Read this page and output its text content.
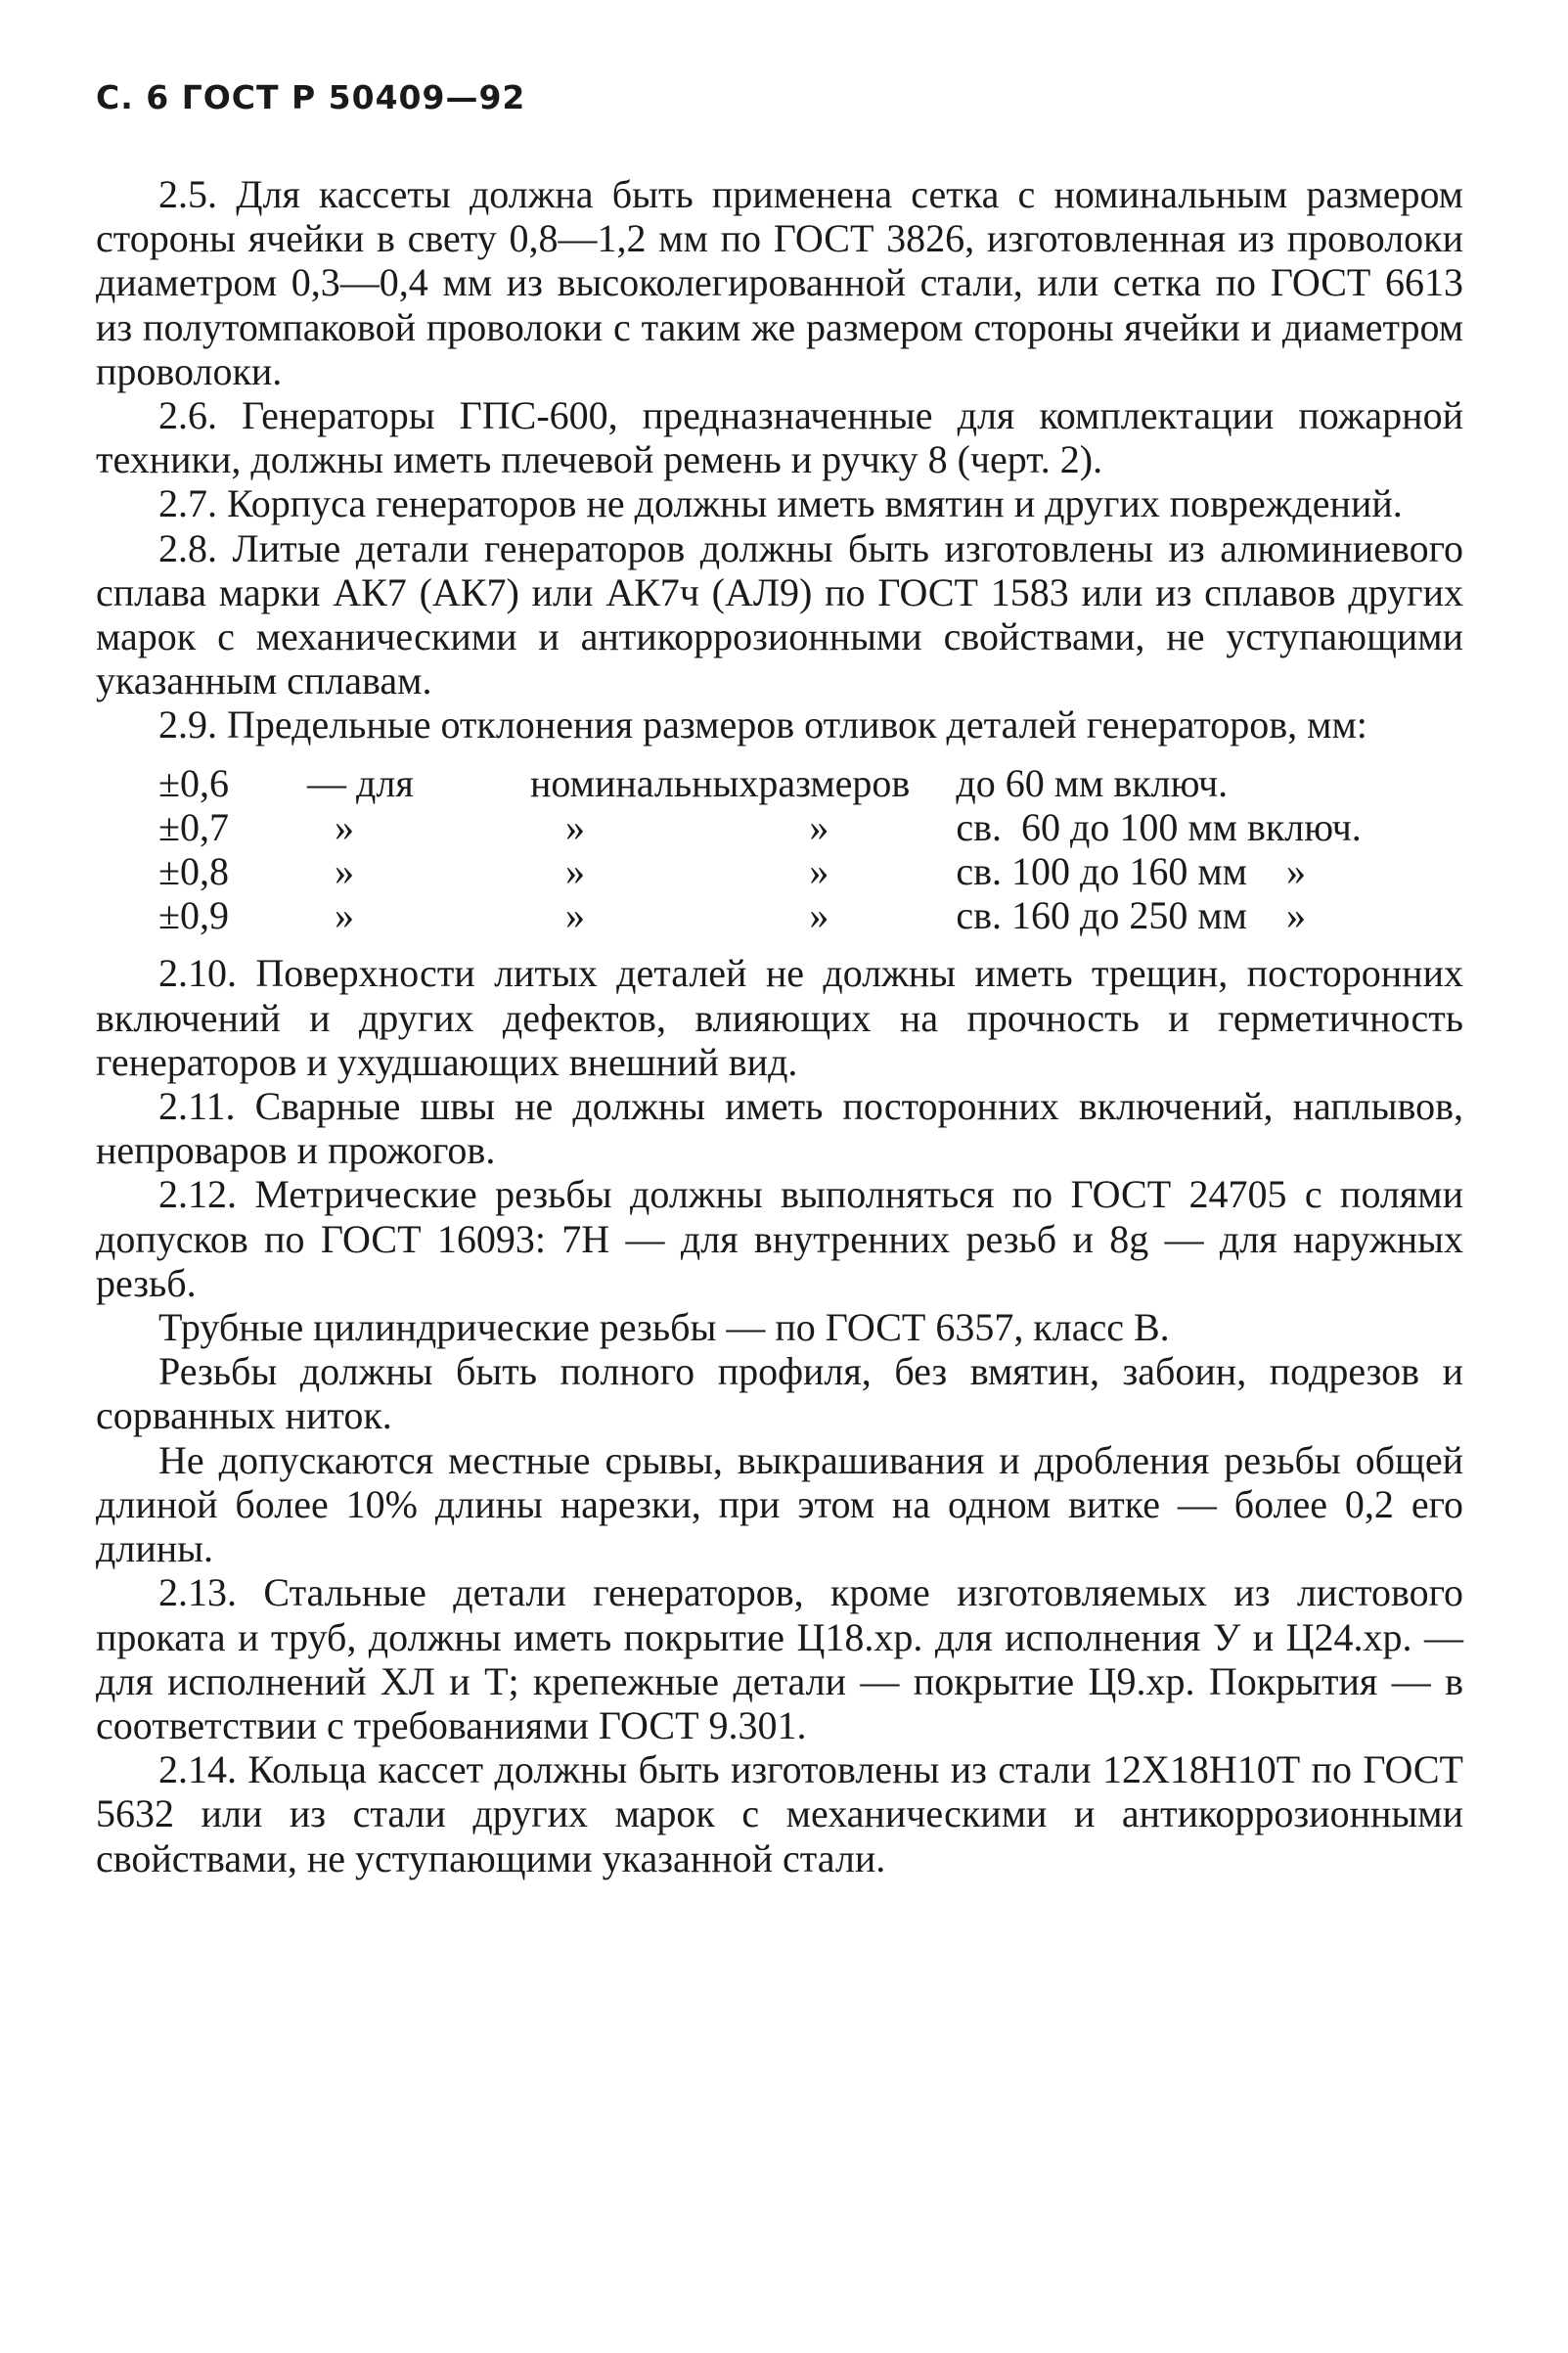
С. 6 ГОСТ Р 50409—92

2.5. Для кассеты должна быть применена сетка с номинальным размером стороны ячейки в свету 0,8—1,2 мм по ГОСТ 3826, изготовленная из проволоки диаметром 0,3—0,4 мм из высоколегированной стали, или сетка по ГОСТ 6613 из полутомпаковой проволоки с таким же размером стороны ячейки и диаметром проволоки.

2.6. Генераторы ГПС-600, предназначенные для комплектации пожарной техники, должны иметь плечевой ремень и ручку 8 (черт. 2).

2.7. Корпуса генераторов не должны иметь вмятин и других повреждений.

2.8. Литые детали генераторов должны быть изготовлены из алюминиевого сплава марки АК7 (АК7) или АК7ч (АЛ9) по ГОСТ 1583 или из сплавов других марок с механическими и антикоррозионными свойствами, не уступающими указанным сплавам.

2.9. Предельные отклонения размеров отливок деталей генераторов, мм:

±0,6	— для	номинальных	размеров	до 60 мм включ.
±0,7	»	»	»	св.  60 до 100 мм включ.
±0,8	»	»	»	св. 100 до 160 мм    »
±0,9	»	»	»	св. 160 до 250 мм    »

2.10. Поверхности литых деталей не должны иметь трещин, посторонних включений и других дефектов, влияющих на прочность и герметичность генераторов и ухудшающих внешний вид.

2.11. Сварные швы не должны иметь посторонних включений, наплывов, непроваров и прожогов.

2.12. Метрические резьбы должны выполняться по ГОСТ 24705 с полями допусков по ГОСТ 16093: 7Н — для внутренних резьб и 8g — для наружных резьб.

Трубные цилиндрические резьбы — по ГОСТ 6357, класс В.

Резьбы должны быть полного профиля, без вмятин, забоин, подрезов и сорванных ниток.

Не допускаются местные срывы, выкрашивания и дробления резьбы общей длиной более 10% длины нарезки, при этом на одном витке — более 0,2 его длины.

2.13. Стальные детали генераторов, кроме изготовляемых из листового проката и труб, должны иметь покрытие Ц18.хр. для исполнения У и Ц24.хр. — для исполнений ХЛ и Т; крепежные детали — покрытие Ц9.хр. Покрытия — в соответствии с требованиями ГОСТ 9.301.

2.14. Кольца кассет должны быть изготовлены из стали 12Х18Н10Т по ГОСТ 5632 или из стали других марок с механическими и антикоррозионными свойствами, не уступающими указанной стали.
